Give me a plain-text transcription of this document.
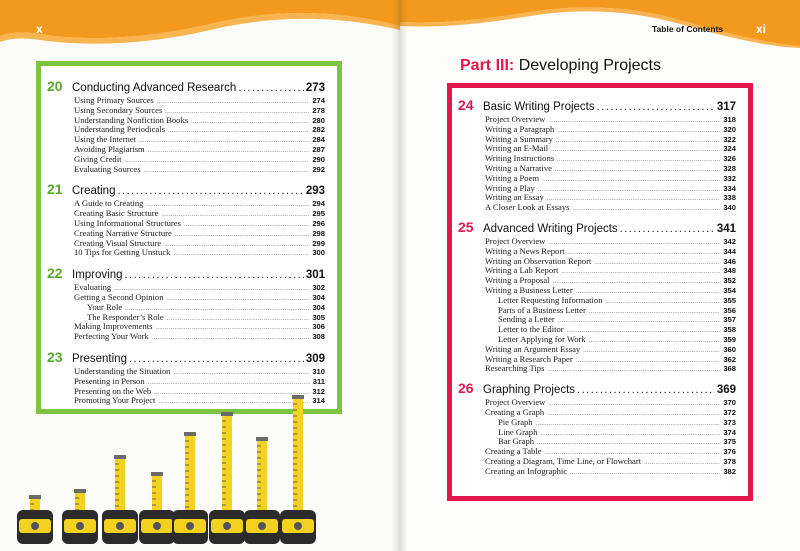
x
20 Conducting Advanced Research .....	273
Using Primary Sources .....	274
Using Secondary Sources .....	278
Understanding Nonfiction Books .....	280
Understanding Periodicals .....	282
Using the Internet .....	284
Avoiding Plagiarism .....	287
Giving Credit .....	290
Evaluating Sources .....	292
21 Creating .....	293
A Guide to Creating .....	294
Creating Basic Structure .....	295
Using Informational Structures .....	296
Creating Narrative Structure .....	298
Creating Visual Structure .....	299
10 Tips for Getting Unstuck .....	300
22 Improving .....	301
Evaluating .....	302
Getting a Second Opinion .....	304
Your Role .....	304
The Responder’s Role .....	305
Making Improvements .....	306
Perfecting Your Work .....	308
23 Presenting .....	309
Understanding the Situation .....	310
Presenting in Person .....	311
Presenting on the Web .....	312
Promoting Your Project .....	314
Table of Contents	xi
Part III: Developing Projects
24 Basic Writing Projects .....	317
Project Overview .....	318
Writing a Paragraph .....	320
Writing a Summary .....	322
Writing an E-Mail .....	324
Writing Instructions .....	326
Writing a Narrative .....	328
Writing a Poem .....	332
Writing a Play .....	334
Writing an Essay .....	338
A Closer Look at Essays .....	340
25 Advanced Writing Projects .....	341
Project Overview .....	342
Writing a News Report .....	344
Writing an Observation Report .....	346
Writing a Lab Report .....	348
Writing a Proposal .....	352
Writing a Business Letter .....	354
Letter Requesting Information .....	355
Parts of a Business Letter .....	356
Sending a Letter .....	357
Letter to the Editor .....	358
Letter Applying for Work .....	359
Writing an Argument Essay .....	360
Writing a Research Paper .....	362
Researching Tips .....	368
26 Graphing Projects .....	369
Project Overview .....	370
Creating a Graph .....	372
Pie Graph .....	373
Line Graph .....	374
Bar Graph .....	375
Creating a Table .....	376
Creating a Diagram, Time Line, or Flowchart .....	378
Creating an Infographic .....	382
